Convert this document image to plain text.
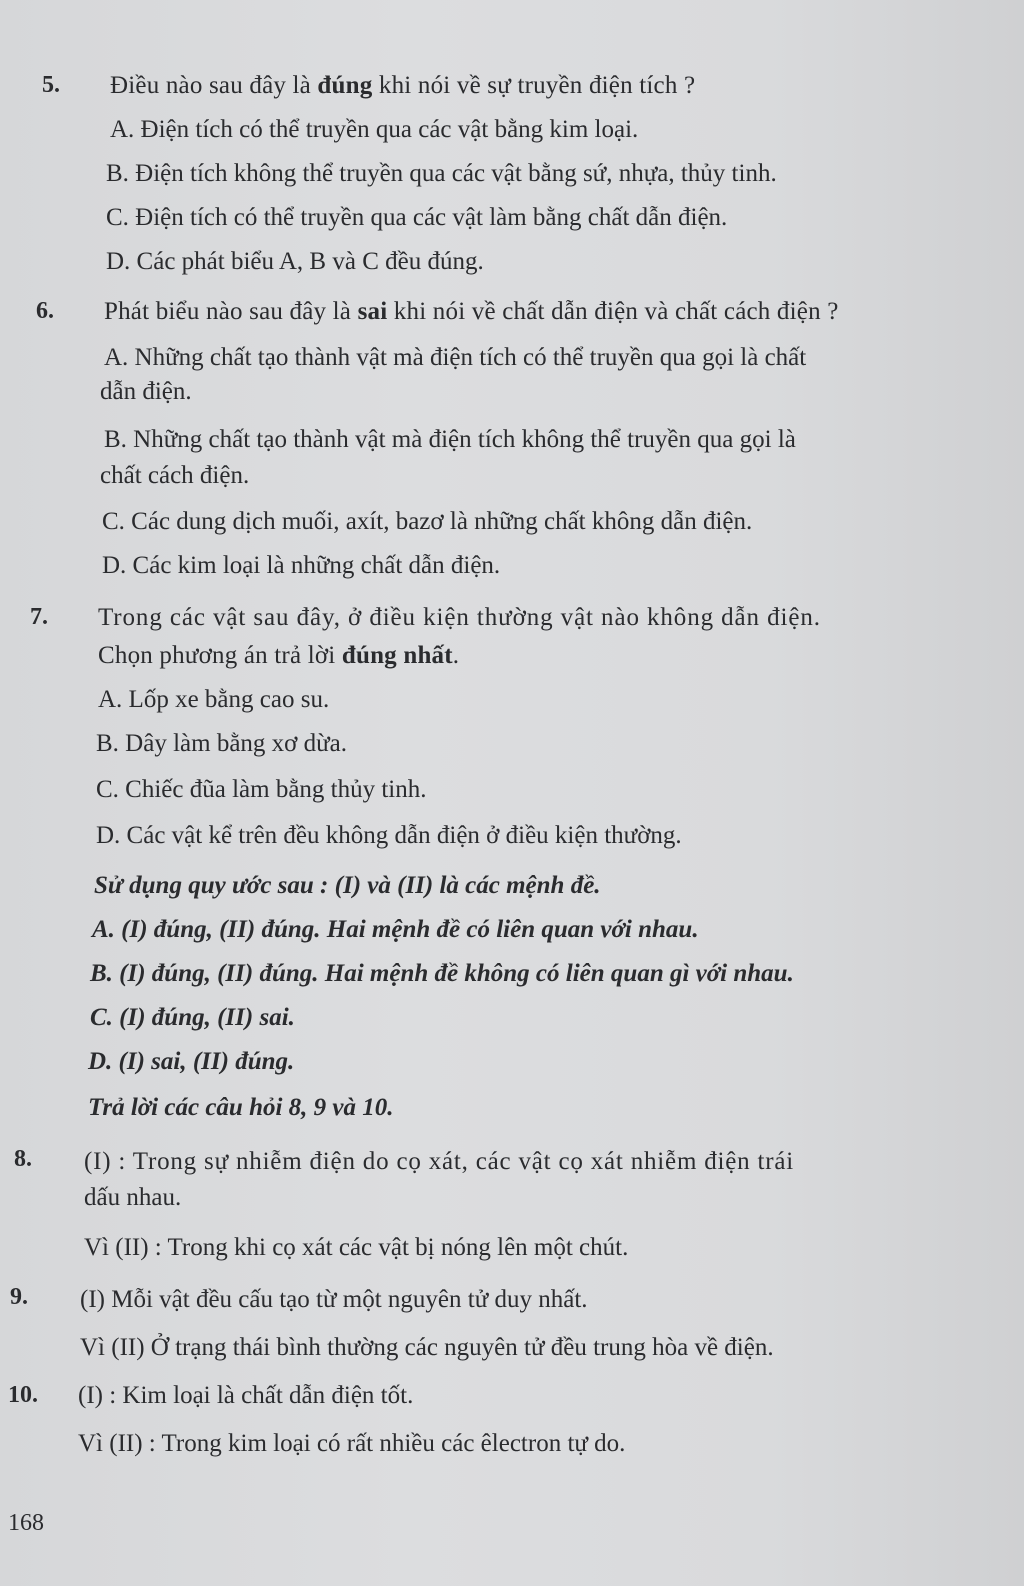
5. Điều nào sau đây là đúng khi nói về sự truyền điện tích ?
A. Điện tích có thể truyền qua các vật bằng kim loại.
B. Điện tích không thể truyền qua các vật bằng sứ, nhựa, thủy tinh.
C. Điện tích có thể truyền qua các vật làm bằng chất dẫn điện.
D. Các phát biểu A, B và C đều đúng.
6. Phát biểu nào sau đây là sai khi nói về chất dẫn điện và chất cách điện ?
A. Những chất tạo thành vật mà điện tích có thể truyền qua gọi là chất
dẫn điện.
B. Những chất tạo thành vật mà điện tích không thể truyền qua gọi là
chất cách điện.
C. Các dung dịch muối, axít, bazơ là những chất không dẫn điện.
D. Các kim loại là những chất dẫn điện.
7. Trong các vật sau đây, ở điều kiện thường vật nào không dẫn điện.
Chọn phương án trả lời đúng nhất.
A. Lốp xe bằng cao su.
B. Dây làm bằng xơ dừa.
C. Chiếc đũa làm bằng thủy tinh.
D. Các vật kể trên đều không dẫn điện ở điều kiện thường.
Sử dụng quy ước sau : (I) và (II) là các mệnh đề.
A. (I) đúng, (II) đúng. Hai mệnh đề có liên quan với nhau.
B. (I) đúng, (II) đúng. Hai mệnh đề không có liên quan gì với nhau.
C. (I) đúng, (II) sai.
D. (I) sai, (II) đúng.
Trả lời các câu hỏi 8, 9 và 10.
8. (I) : Trong sự nhiễm điện do cọ xát, các vật cọ xát nhiễm điện trái
dấu nhau.
Vì (II) : Trong khi cọ xát các vật bị nóng lên một chút.
9. (I) Mỗi vật đều cấu tạo từ một nguyên tử duy nhất.
Vì (II) Ở trạng thái bình thường các nguyên tử đều trung hòa về điện.
10. (I) : Kim loại là chất dẫn điện tốt.
Vì (II) : Trong kim loại có rất nhiều các êlectron tự do.
168
